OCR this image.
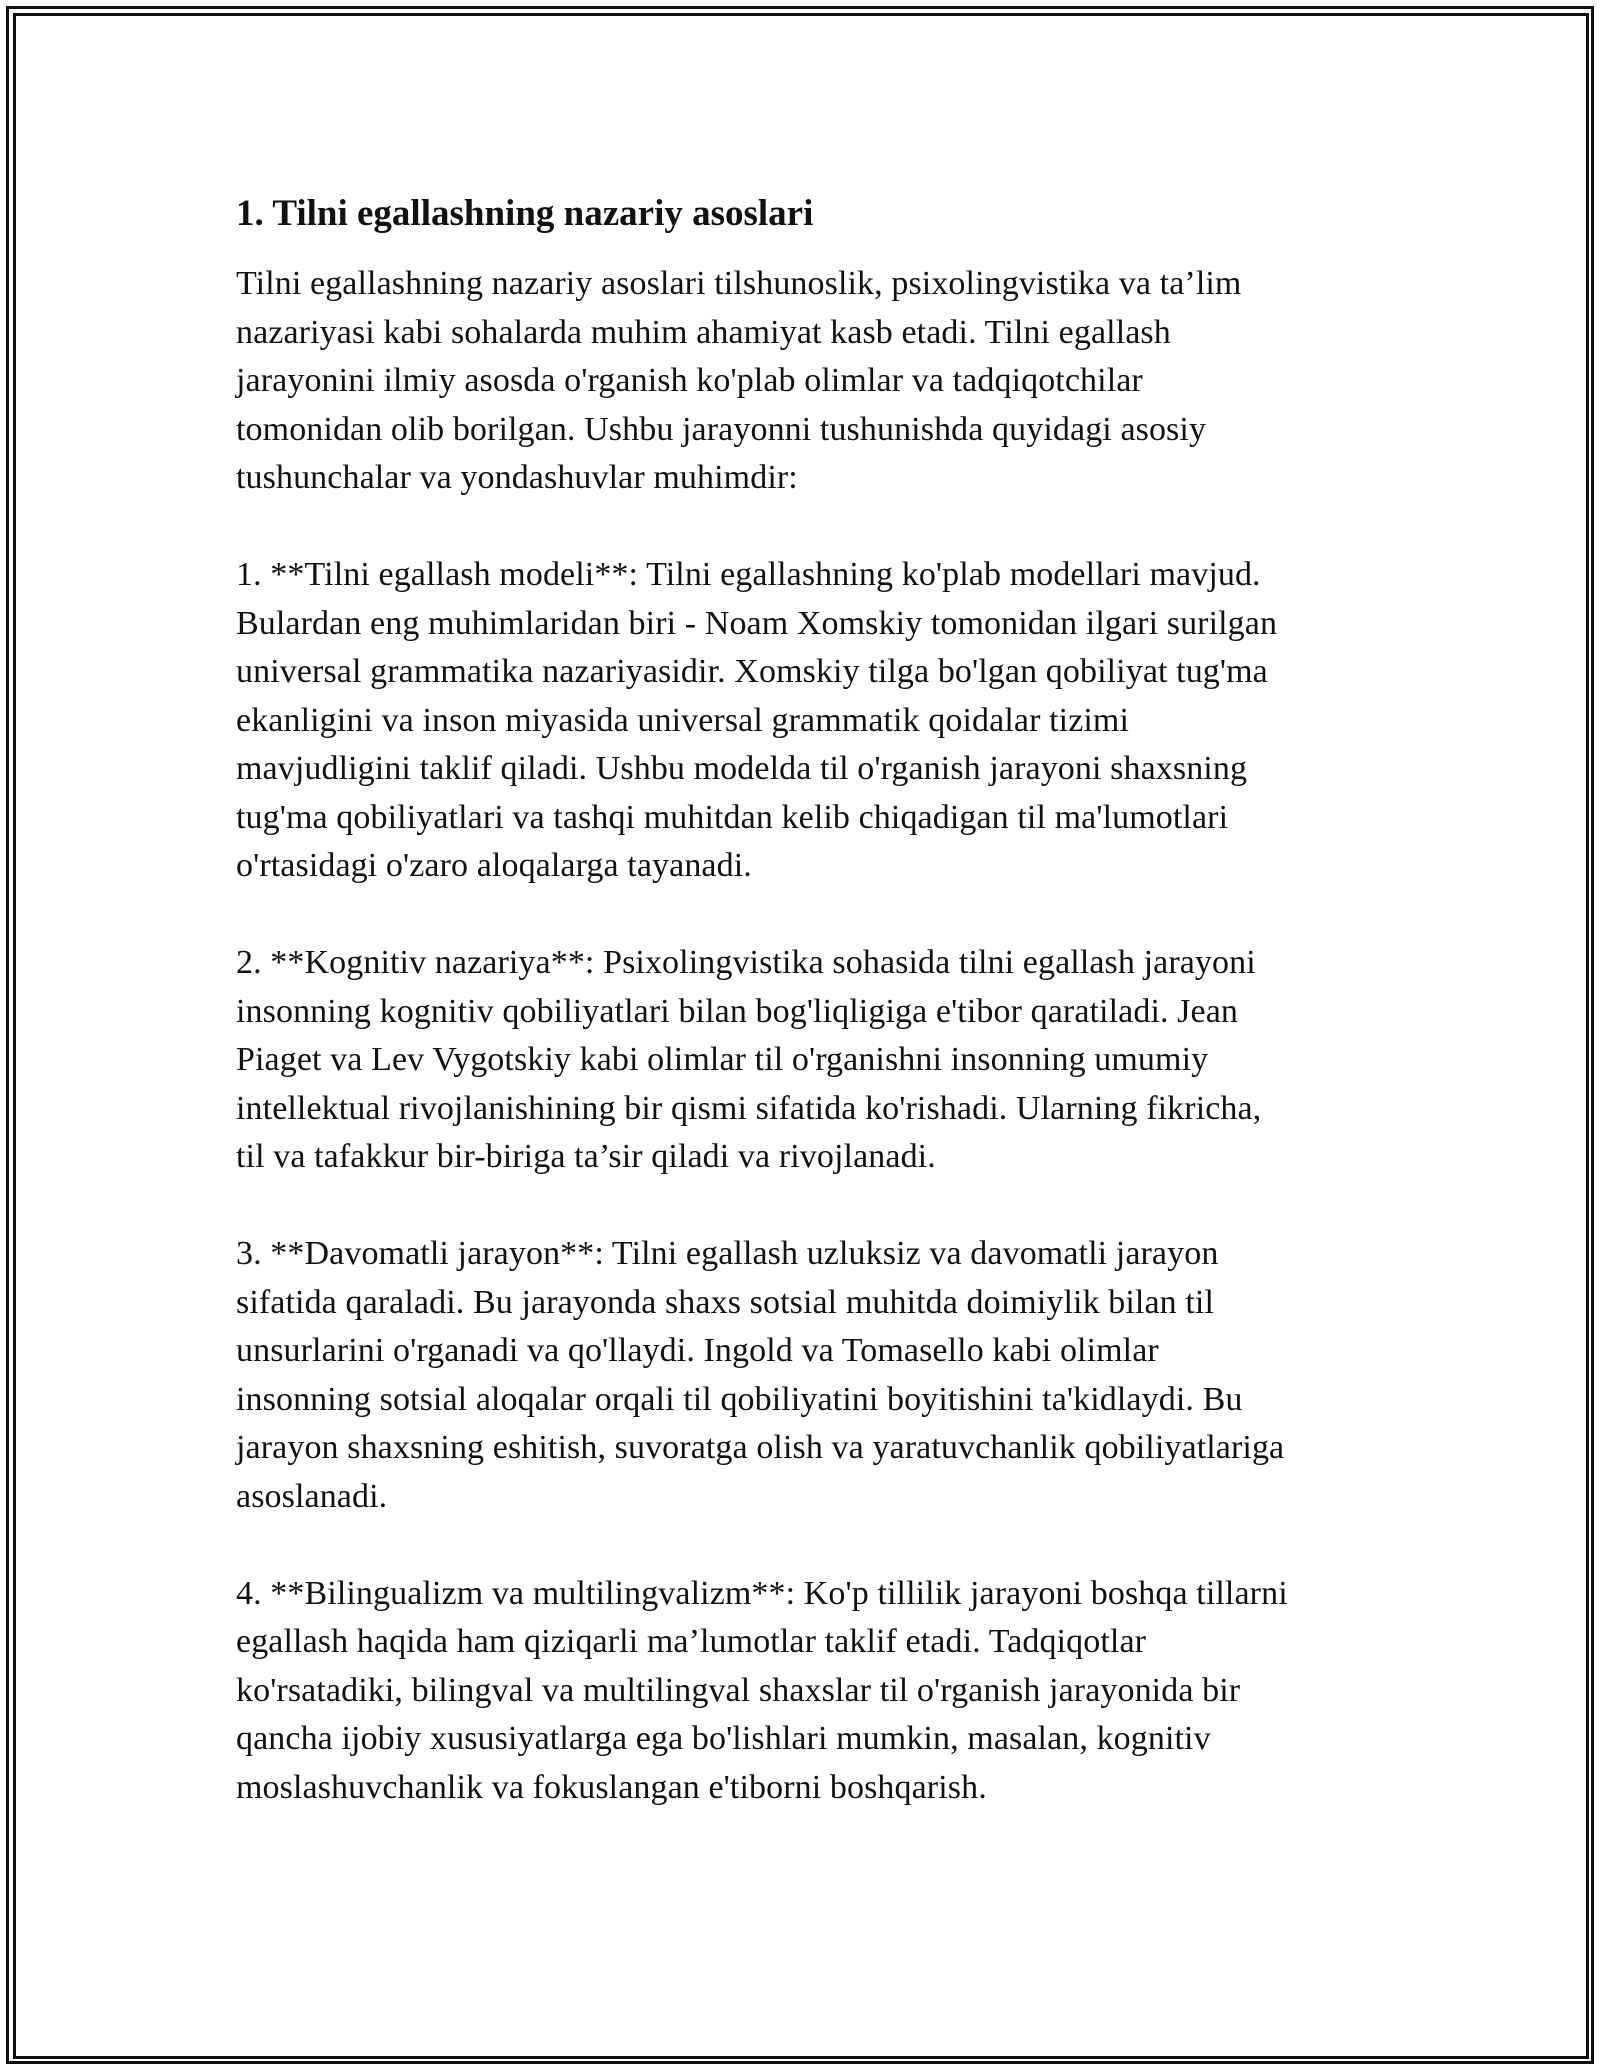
1. Tilni egallashning nazariy asoslari

Tilni egallashning nazariy asoslari tilshunoslik, psixolingvistika va ta’lim
nazariyasi kabi sohalarda muhim ahamiyat kasb etadi. Tilni egallash
jarayonini ilmiy asosda o'rganish ko'plab olimlar va tadqiqotchilar
tomonidan olib borilgan. Ushbu jarayonni tushunishda quyidagi asosiy
tushunchalar va yondashuvlar muhimdir:

1. **Tilni egallash modeli**: Tilni egallashning ko'plab modellari mavjud.
Bulardan eng muhimlaridan biri - Noam Xomskiy tomonidan ilgari surilgan
universal grammatika nazariyasidir. Xomskiy tilga bo'lgan qobiliyat tug'ma
ekanligini va inson miyasida universal grammatik qoidalar tizimi
mavjudligini taklif qiladi. Ushbu modelda til o'rganish jarayoni shaxsning
tug'ma qobiliyatlari va tashqi muhitdan kelib chiqadigan til ma'lumotlari
o'rtasidagi o'zaro aloqalarga tayanadi.

2. **Kognitiv nazariya**: Psixolingvistika sohasida tilni egallash jarayoni
insonning kognitiv qobiliyatlari bilan bog'liqligiga e'tibor qaratiladi. Jean
Piaget va Lev Vygotskiy kabi olimlar til o'rganishni insonning umumiy
intellektual rivojlanishining bir qismi sifatida ko'rishadi. Ularning fikricha,
til va tafakkur bir-biriga ta’sir qiladi va rivojlanadi.

3. **Davomatli jarayon**: Tilni egallash uzluksiz va davomatli jarayon
sifatida qaraladi. Bu jarayonda shaxs sotsial muhitda doimiylik bilan til
unsurlarini o'rganadi va qo'llaydi. Ingold va Tomasello kabi olimlar
insonning sotsial aloqalar orqali til qobiliyatini boyitishini ta'kidlaydi. Bu
jarayon shaxsning eshitish, suvoratga olish va yaratuvchanlik qobiliyatlariga
asoslanadi.

4. **Bilingualizm va multilingvalizm**: Ko'p tillilik jarayoni boshqa tillarni
egallash haqida ham qiziqarli ma’lumotlar taklif etadi. Tadqiqotlar
ko'rsatadiki, bilingval va multilingval shaxslar til o'rganish jarayonida bir
qancha ijobiy xususiyatlarga ega bo'lishlari mumkin, masalan, kognitiv
moslashuvchanlik va fokuslangan e'tiborni boshqarish.
